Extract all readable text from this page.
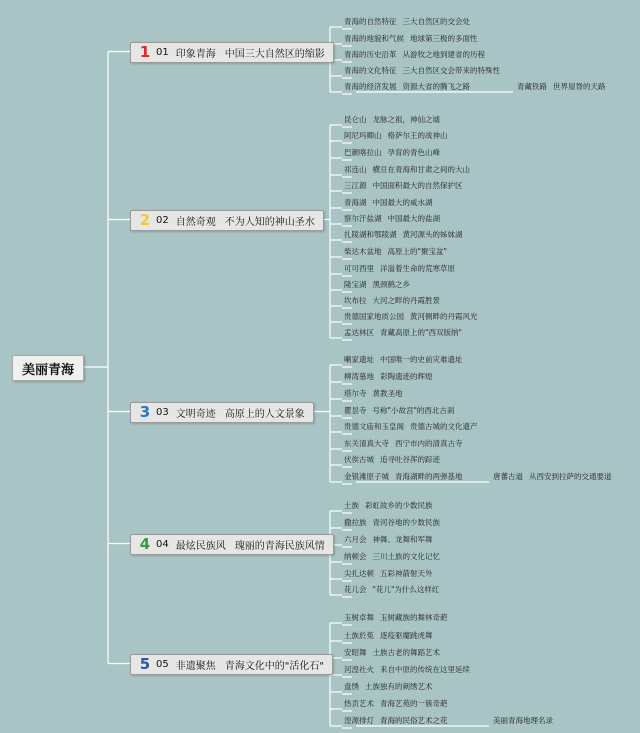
美丽青海
1 01 印象青海 中国三大自然区的缩影
青海的自然特征 三大自然区的交会处
青海的地貌和气候 地球第三极的多面性
青海的历史沿革 从游牧之地到建省的历程
青海的文化特征 三大自然区交会带来的特殊性
青海的经济发展 资源大省的腾飞之路	青藏铁路 世界屋脊的天路
2 02 自然奇观 不为人知的神山圣水
昆仑山 龙脉之祖，神仙之墟
阿尼玛卿山 格萨尔王的战神山
巴颜喀拉山 孕育的青色山峰
祁连山 横亘在青海和甘肃之间的大山
三江源 中国面积最大的自然保护区
青海湖 中国最大的咸水湖
察尔汗盐湖 中国最大的盐湖
扎陵湖和鄂陵湖 黄河源头的姊妹湖
柴达木盆地 高原上的"聚宝盆"
可可西里 洋溢着生命的荒寒草原
隆宝湖 黑颈鹤之乡
坎布拉 大河之畔的丹霞胜景
贵德国家地质公园 黄河侧畔的丹霞风光
孟达林区 青藏高原上的"西双版纳"
3 03 文明奇迹 高原上的人文景象
喇家遗址 中国唯一的史前灾难遗址
柳湾墓地 彩陶遗迹的辉煌
塔尔寺 黄教圣地
瞿昙寺 号称"小故宫"的西北古刹
贵德文庙和玉皇阁 贵德古城的文化遗产
东关清真大寺 西宁市内的清真古寺
伏俟古城 追寻吐谷浑的踪迹
金银滩原子城 青海湖畔的两弹基地	唐蕃古道 从西安到拉萨的交通要道
4 04 最炫民族风 瑰丽的青海民族风情
土族 彩虹故乡的少数民族
撒拉族 青河谷地的少数民族
六月会 神舞、龙舞和军舞
纳顿会 三川土族的文化记忆
尖扎达顿 五彩神箭射天外
花儿会 "花儿"为什么这样红
5 05 非遗聚焦 青海文化中的"活化石"
玉树卓舞 玉树藏族的舞林奇葩
土族於菟 逐疫驱魔跳虎舞
安昭舞 土族古老的舞蹈艺术
河湟社火 来自中原的传统在这里延续
盘绣 土族独有的刺绣艺术
热贡艺术 青海艺苑的一簇奇葩
湟源排灯 青海的民俗艺术之花	美丽青海地理名录
